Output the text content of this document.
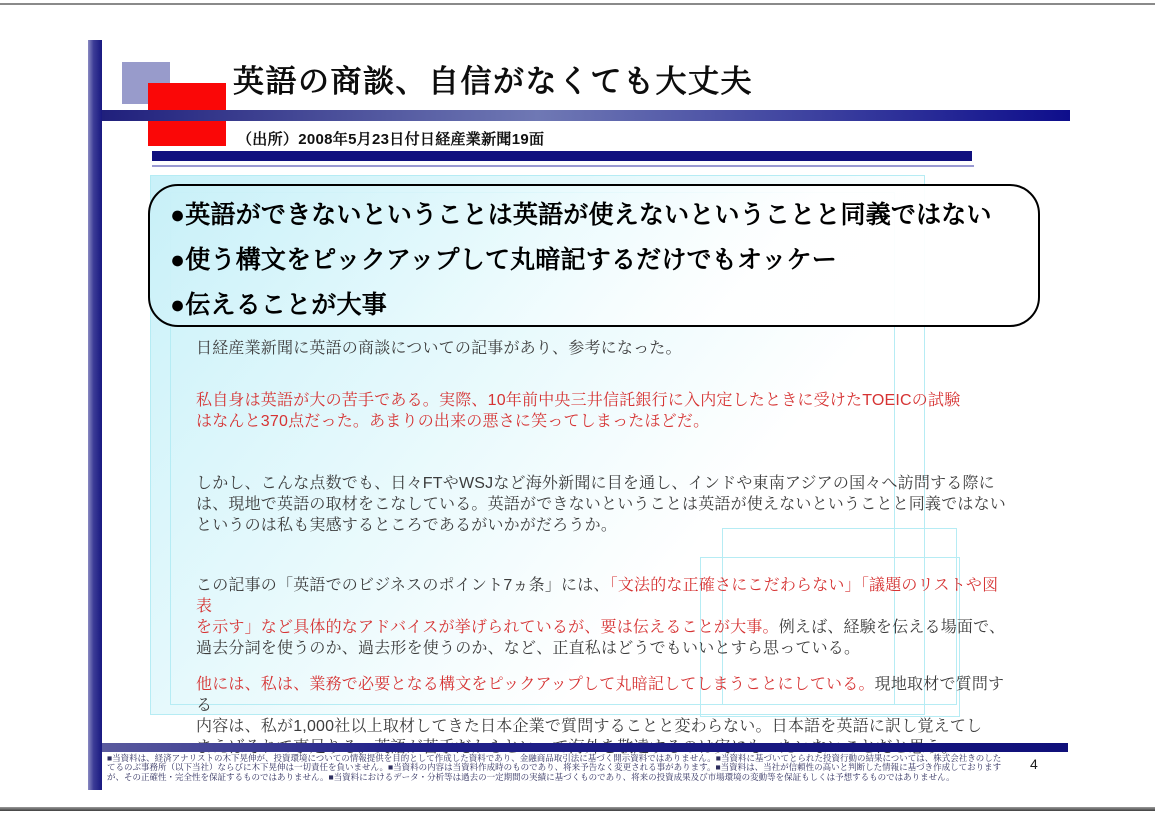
英語の商談、自信がなくても大丈夫
（出所）2008年5月23日付日経産業新聞19面
●英語ができないということは英語が使えないということと同義ではない
●使う構文をピックアップして丸暗記するだけでもオッケー
●伝えることが大事
日経産業新聞に英語の商談についての記事があり、参考になった。
私自身は英語が大の苦手である。実際、10年前中央三井信託銀行に入内定したときに受けたTOEICの試験
はなんと370点だった。あまりの出来の悪さに笑ってしまったほどだ。
しかし、こんな点数でも、日々FTやWSJなど海外新聞に目を通し、インドや東南アジアの国々へ訪問する際に
は、現地で英語の取材をこなしている。英語ができないということは英語が使えないということと同義ではない
というのは私も実感するところであるがいかがだろうか。
この記事の「英語でのビジネスのポイント7ヵ条」には、「文法的な正確さにこだわらない」「議題のリストや図表
を示す」など具体的なアドバイスが挙げられているが、要は伝えることが大事。例えば、経験を伝える場面で、
過去分詞を使うのか、過去形を使うのか、など、正直私はどうでもいいとすら思っている。
他には、私は、業務で必要となる構文をピックアップして丸暗記してしまうことにしている。現地取材で質問する
内容は、私が1,000社以上取材してきた日本企業で質問することと変わらない。日本語を英語に訳し覚えてし

■当資料は、経済アナリストの木下晃伸が、投資環境についての情報提供を目的として作成した資料であり、金融商品取引法に基づく開示資料ではありません。■当資料に基づいてとられた投資行動の結果については、株式会社きのした
てるのぶ事務所（以下当社）ならびに木下晃伸は一切責任を負いません。■当資料の内容は当資料作成時のものであり、将来予告なく変更される事があります。■当資料は、当社が信頼性の高いと判断した情報に基づき作成しております
が、その正確性・完全性を保証するものではありません。■当資料におけるデータ・分析等は過去の一定期間の実績に基づくものであり、将来の投資成果及び市場環境の変動等を保証もしくは予想するものではありません。
4
